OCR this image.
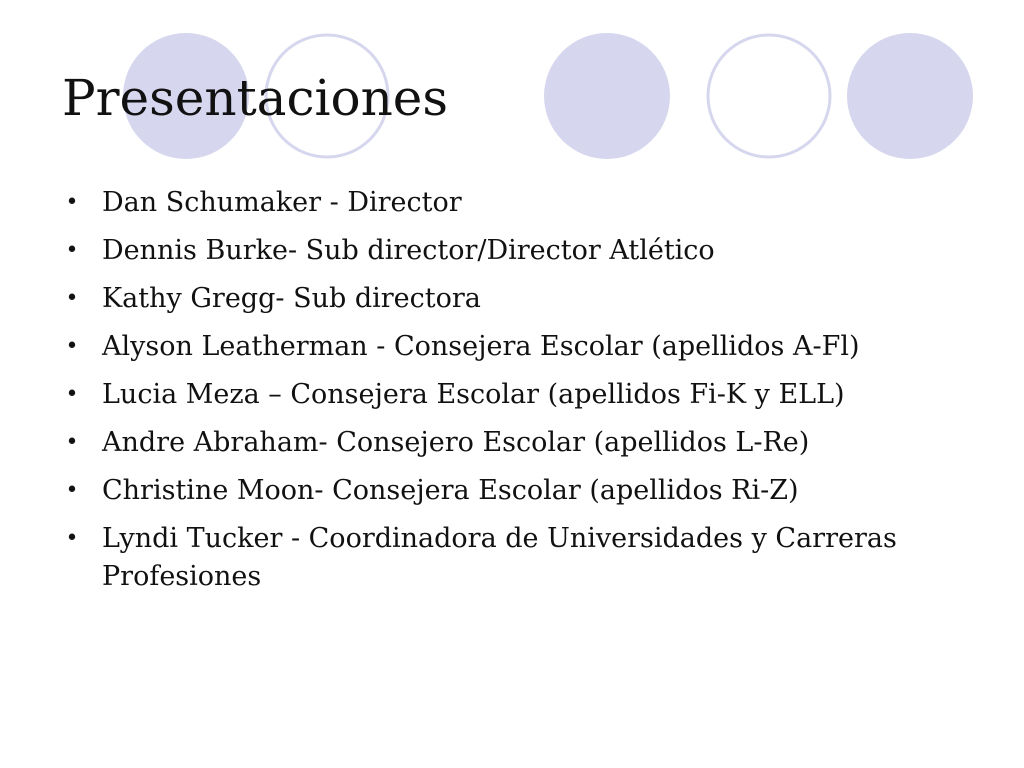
Presentaciones
• Dan Schumaker - Director
• Dennis Burke- Sub director/Director Atlético
• Kathy Gregg- Sub directora
• Alyson Leatherman - Consejera Escolar (apellidos A-Fl)
• Lucia Meza – Consejera Escolar (apellidos Fi-K y ELL)
• Andre Abraham- Consejero Escolar (apellidos L-Re)
• Christine Moon- Consejera Escolar (apellidos Ri-Z)
• Lyndi Tucker - Coordinadora de Universidades y Carreras Profesiones
